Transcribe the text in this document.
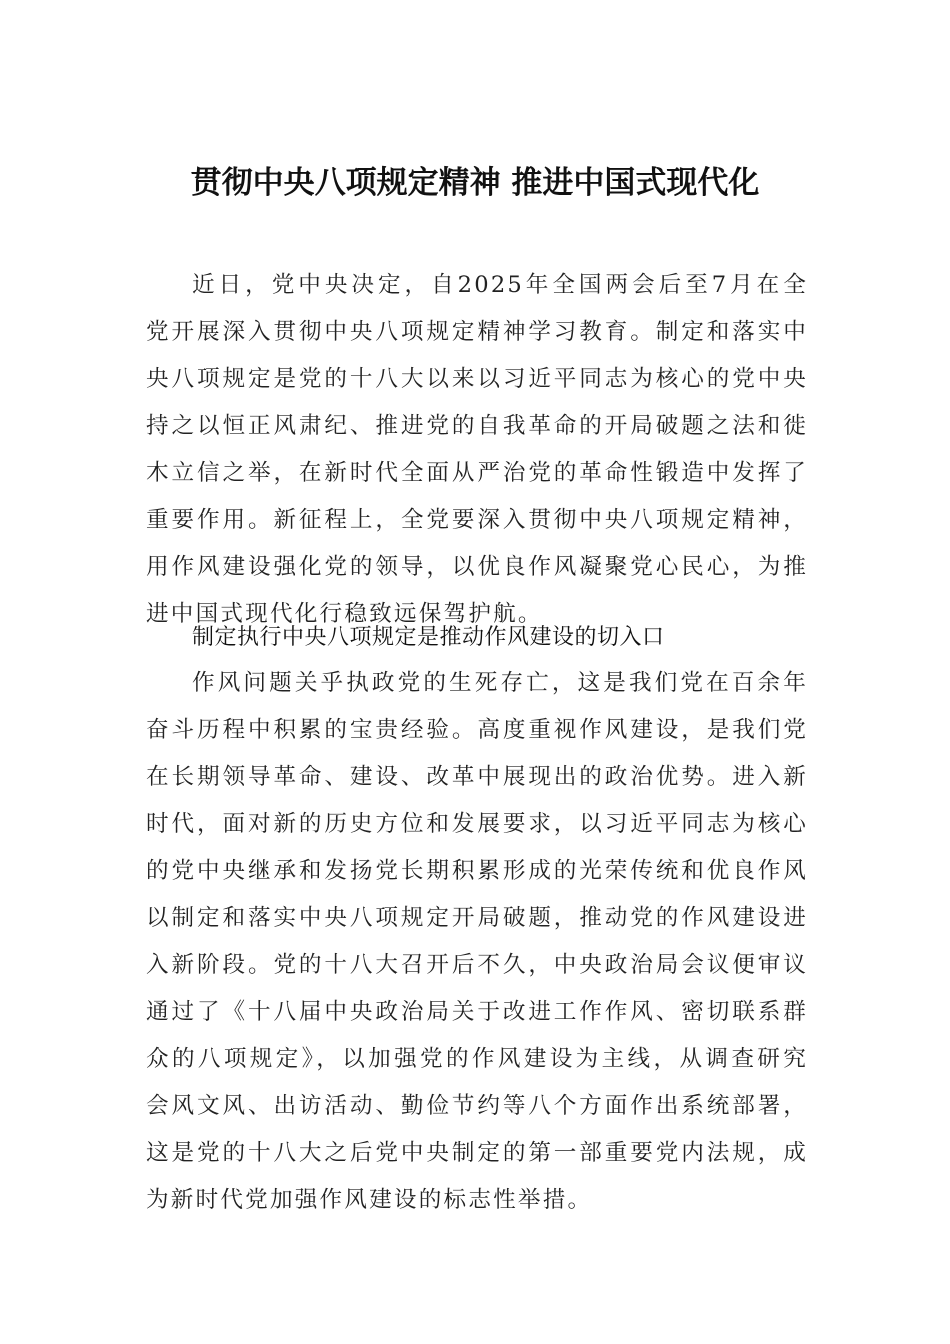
贯彻中央八项规定精神 推进中国式现代化
近日，党中央决定，自2025年全国两会后至7月在全
党开展深入贯彻中央八项规定精神学习教育。制定和落实中
央八项规定是党的十八大以来以习近平同志为核心的党中央
持之以恒正风肃纪、推进党的自我革命的开局破题之法和徙
木立信之举，在新时代全面从严治党的革命性锻造中发挥了
重要作用。新征程上，全党要深入贯彻中央八项规定精神，
用作风建设强化党的领导，以优良作风凝聚党心民心，为推
进中国式现代化行稳致远保驾护航。
制定执行中央八项规定是推动作风建设的切入口
作风问题关乎执政党的生死存亡，这是我们党在百余年
奋斗历程中积累的宝贵经验。高度重视作风建设，是我们党
在长期领导革命、建设、改革中展现出的政治优势。进入新
时代，面对新的历史方位和发展要求，以习近平同志为核心
的党中央继承和发扬党长期积累形成的光荣传统和优良作风
以制定和落实中央八项规定开局破题，推动党的作风建设进
入新阶段。党的十八大召开后不久，中央政治局会议便审议
通过了《十八届中央政治局关于改进工作作风、密切联系群
众的八项规定》，以加强党的作风建设为主线，从调查研究
会风文风、出访活动、勤俭节约等八个方面作出系统部署，
这是党的十八大之后党中央制定的第一部重要党内法规，成
为新时代党加强作风建设的标志性举措。
